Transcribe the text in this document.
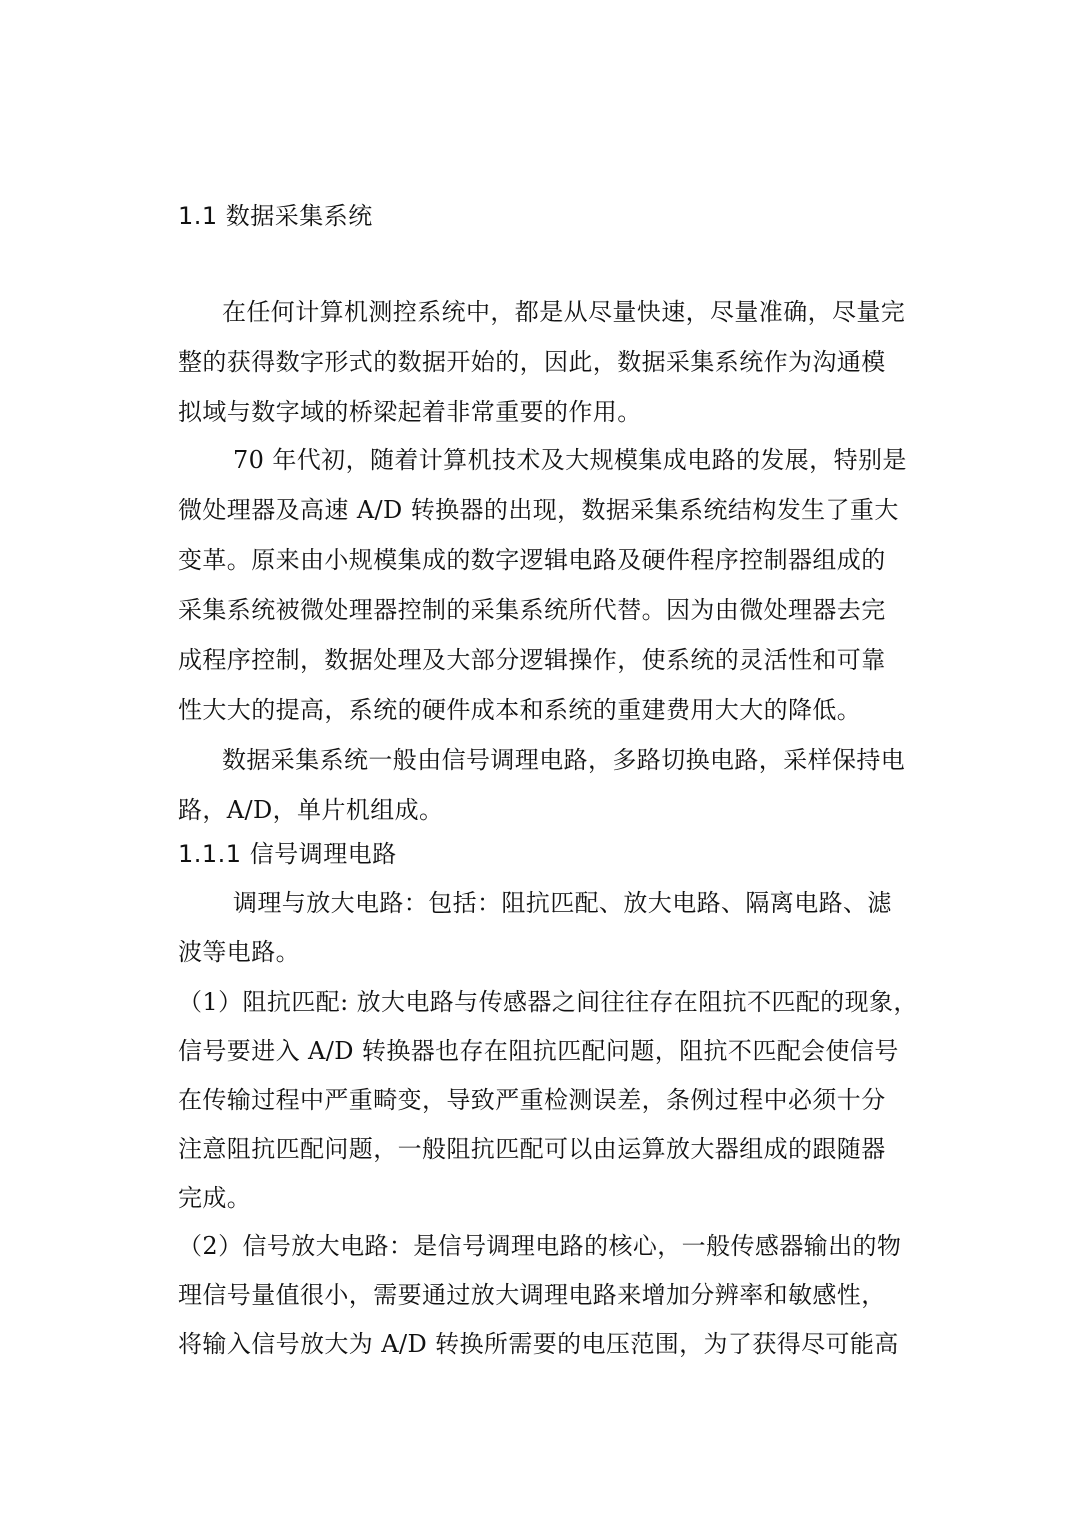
1.1 数据采集系统
在任何计算机测控系统中，都是从尽量快速，尽量准确，尽量完
整的获得数字形式的数据开始的，因此，数据采集系统作为沟通模
拟域与数字域的桥梁起着非常重要的作用。
70 年代初，随着计算机技术及大规模集成电路的发展，特别是
微处理器及高速 A/D 转换器的出现，数据采集系统结构发生了重大
变革。原来由小规模集成的数字逻辑电路及硬件程序控制器组成的
采集系统被微处理器控制的采集系统所代替。因为由微处理器去完
成程序控制，数据处理及大部分逻辑操作，使系统的灵活性和可靠
性大大的提高，系统的硬件成本和系统的重建费用大大的降低。
数据采集系统一般由信号调理电路，多路切换电路，采样保持电
路，A/D，单片机组成。
1.1.1 信号调理电路
调理与放大电路：包括：阻抗匹配、放大电路、隔离电路、滤
波等电路。
（1）阻抗匹配: 放大电路与传感器之间往往存在阻抗不匹配的现象，
信号要进入 A/D 转换器也存在阻抗匹配问题，阻抗不匹配会使信号
在传输过程中严重畸变，导致严重检测误差，条例过程中必须十分
注意阻抗匹配问题，一般阻抗匹配可以由运算放大器组成的跟随器
完成。
（2）信号放大电路：是信号调理电路的核心，一般传感器输出的物
理信号量值很小，需要通过放大调理电路来增加分辨率和敏感性，
将输入信号放大为 A/D 转换所需要的电压范围，为了获得尽可能高
